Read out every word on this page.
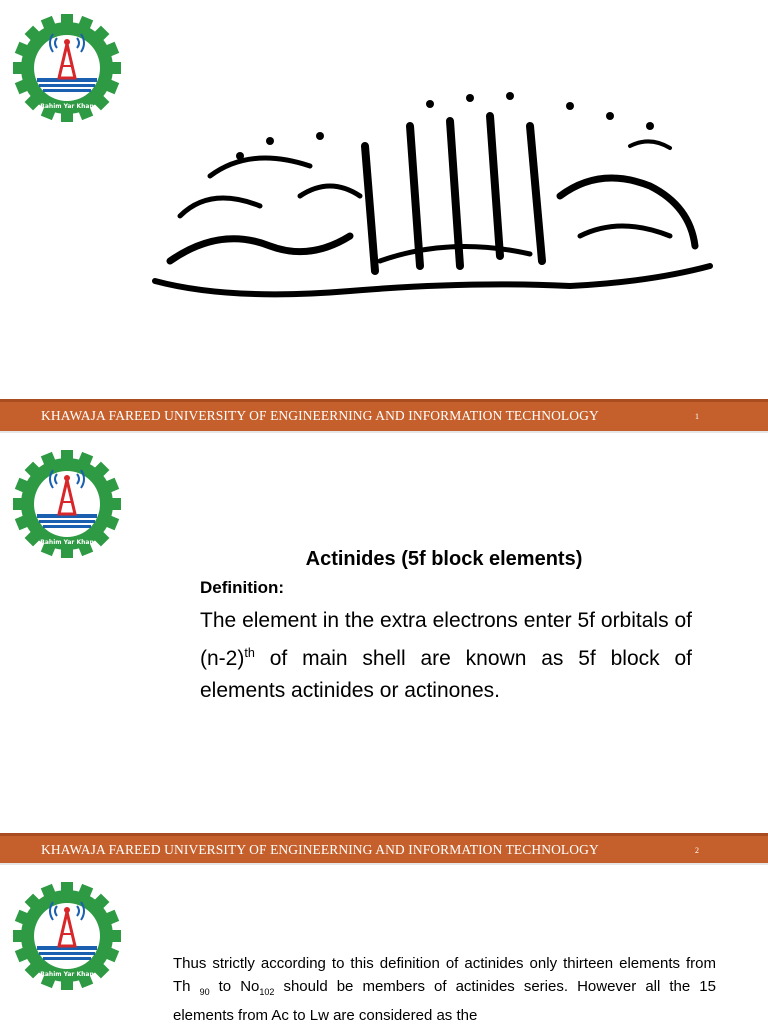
Rahim Yar Khan
KHAWAJA FAREED UNIVERSITY OF ENGINEERNING AND INFORMATION TECHNOLOGY	1
Rahim Yar Khan
Actinides (5f block elements)
Definition:
The element in the extra electrons enter 5f orbitals of $(n-2)^{th}$ of main shell are known as 5f block of elements actinides or actinones.
KHAWAJA FAREED UNIVERSITY OF ENGINEERNING AND INFORMATION TECHNOLOGY	2
Rahim Yar Khan
Thus strictly according to this definition of actinides only thirteen elements from Th $_{90}$ to $No_{102}$ should be members of actinides series. However all the 15 elements from Ac to Lw are considered as the
